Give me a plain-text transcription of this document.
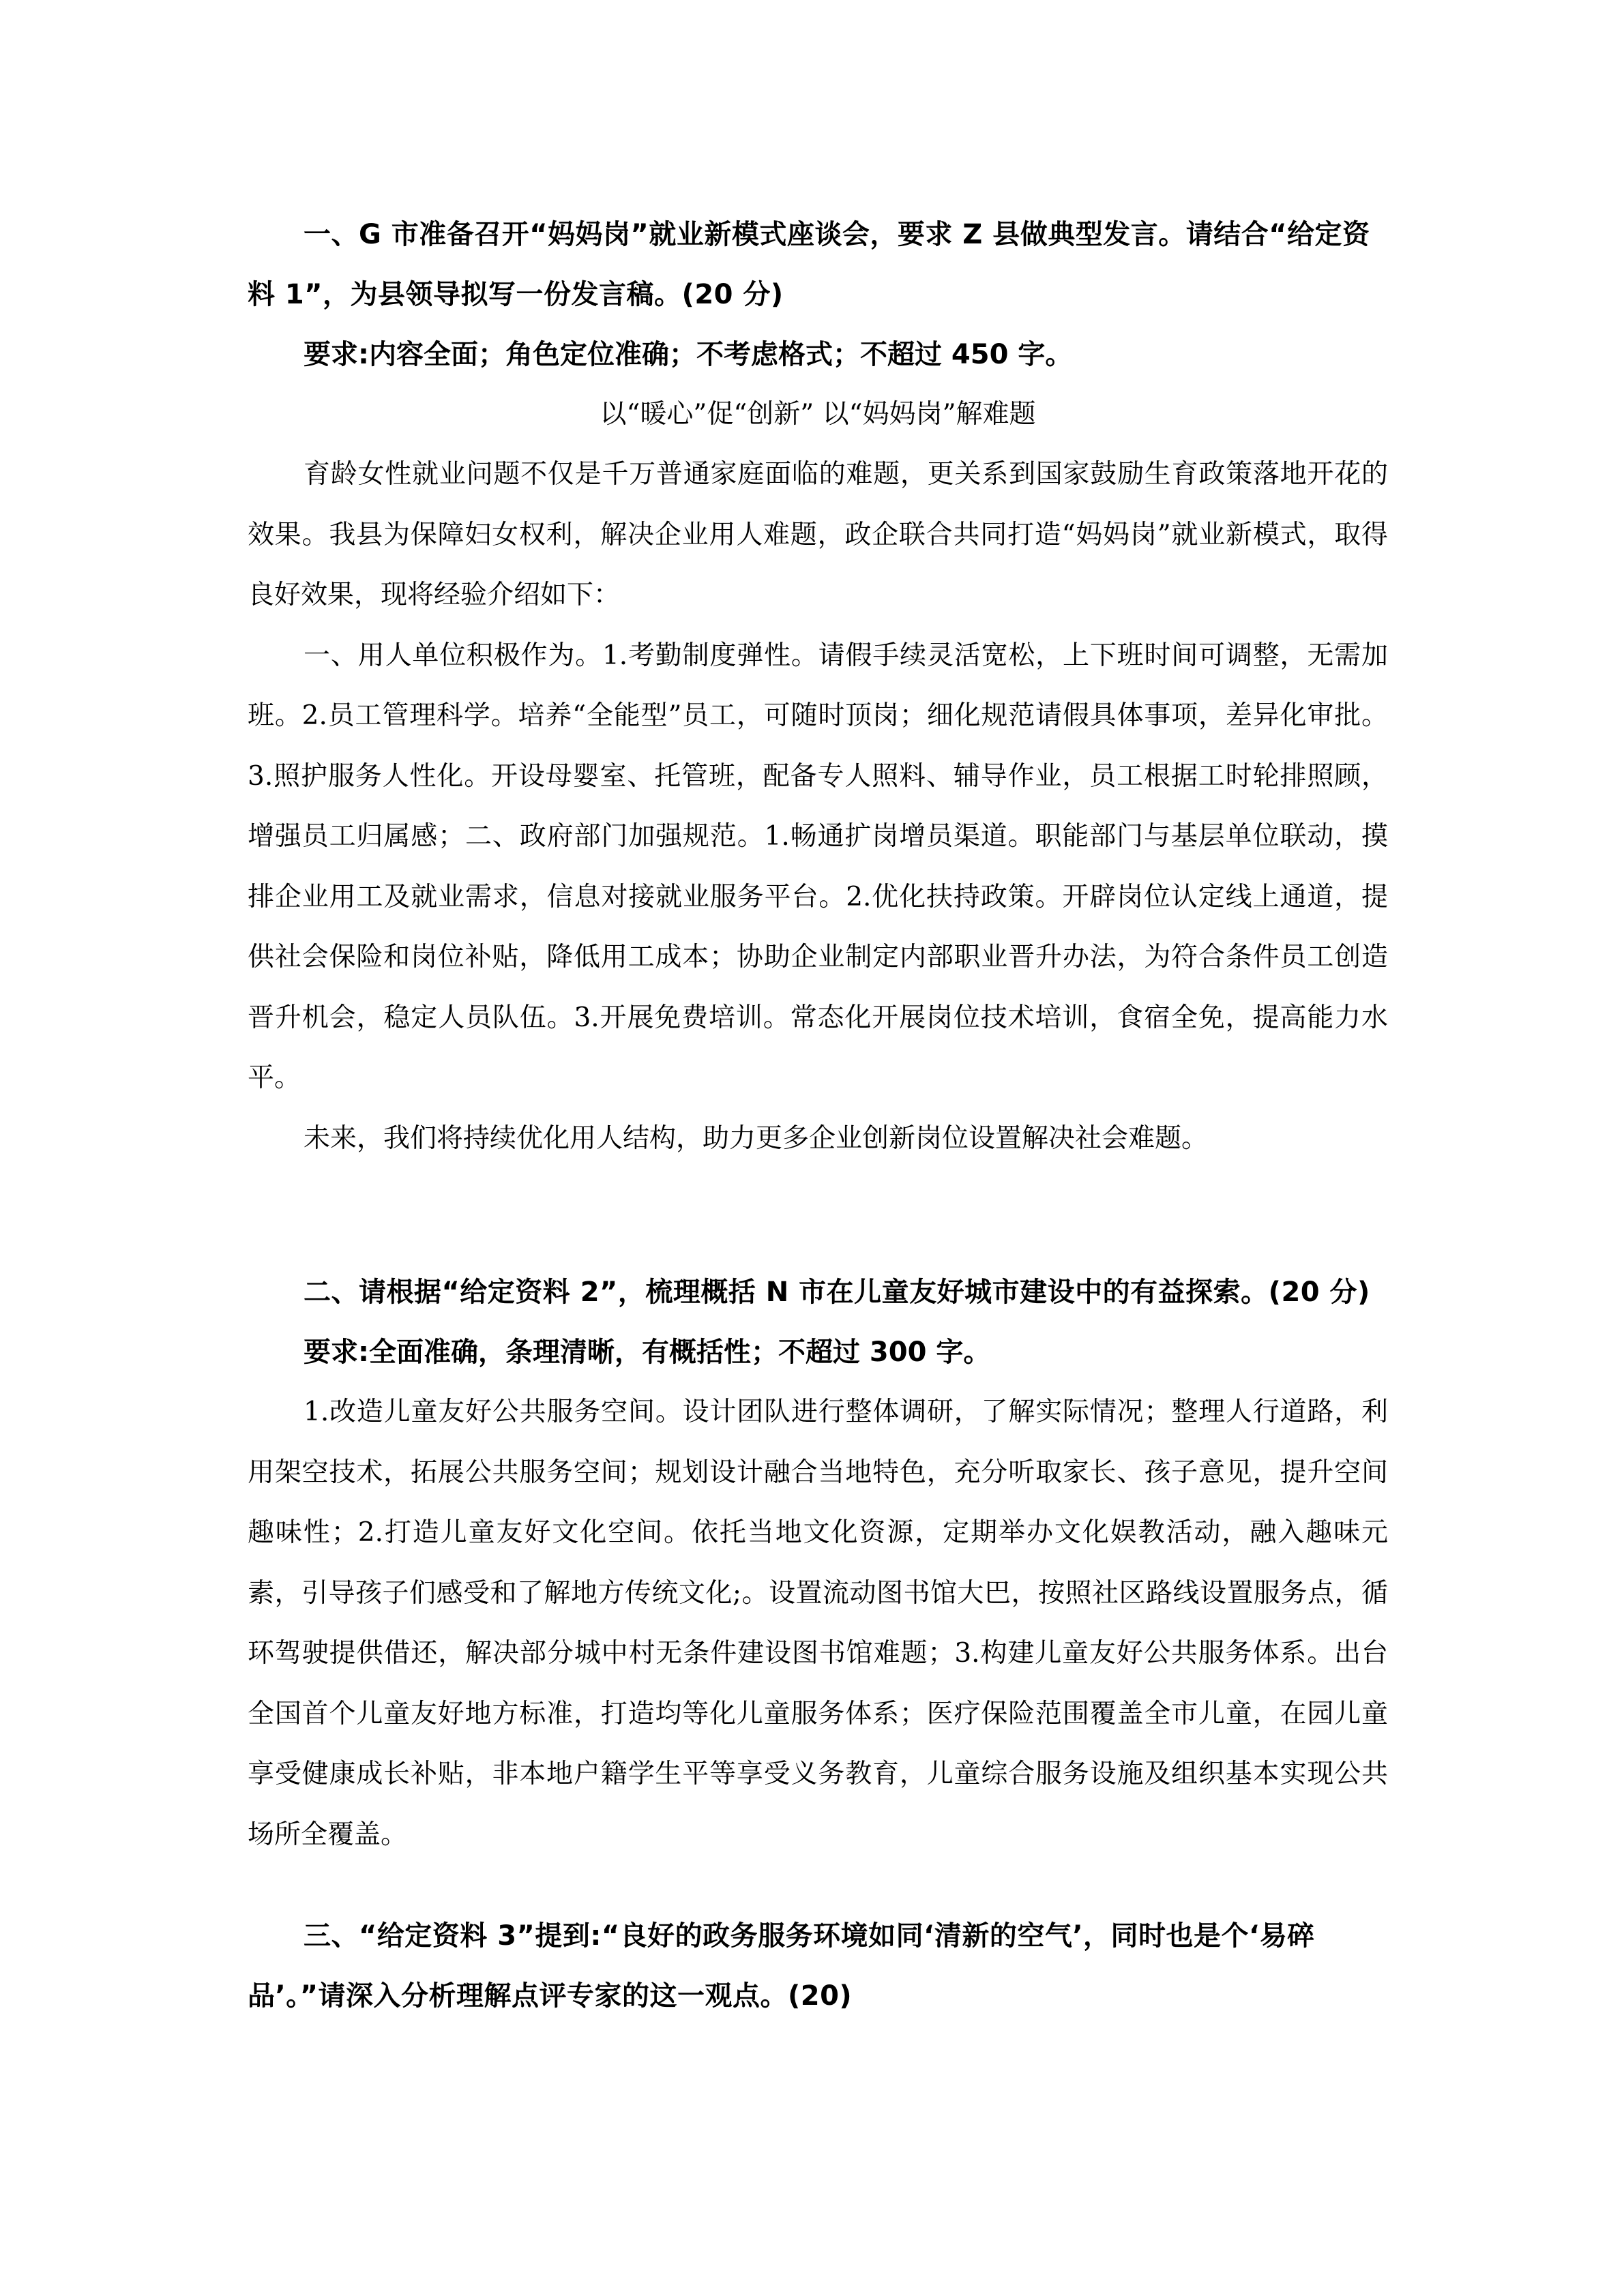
一、G 市准备召开“妈妈岗”就业新模式座谈会，要求 Z 县做典型发言。请结合“给定资料 1”，为县领导拟写一份发言稿。(20 分)

要求:内容全面；角色定位准确；不考虑格式；不超过 450 字。

以“暖心”促“创新” 以“妈妈岗”解难题

育龄女性就业问题不仅是千万普通家庭面临的难题，更关系到国家鼓励生育政策落地开花的效果。我县为保障妇女权利，解决企业用人难题，政企联合共同打造“妈妈岗”就业新模式，取得良好效果，现将经验介绍如下：

一、用人单位积极作为。1.考勤制度弹性。请假手续灵活宽松，上下班时间可调整，无需加班。2.员工管理科学。培养“全能型”员工，可随时顶岗；细化规范请假具体事项，差异化审批。3.照护服务人性化。开设母婴室、托管班，配备专人照料、辅导作业，员工根据工时轮排照顾，增强员工归属感；二、政府部门加强规范。1.畅通扩岗增员渠道。职能部门与基层单位联动，摸排企业用工及就业需求，信息对接就业服务平台。2.优化扶持政策。开辟岗位认定线上通道，提供社会保险和岗位补贴，降低用工成本；协助企业制定内部职业晋升办法，为符合条件员工创造晋升机会，稳定人员队伍。3.开展免费培训。常态化开展岗位技术培训，食宿全免，提高能力水平。

未来，我们将持续优化用人结构，助力更多企业创新岗位设置解决社会难题。

二、请根据“给定资料 2”，梳理概括 N 市在儿童友好城市建设中的有益探索。(20 分)

要求:全面准确，条理清晰，有概括性；不超过 300 字。

1.改造儿童友好公共服务空间。设计团队进行整体调研，了解实际情况；整理人行道路，利用架空技术，拓展公共服务空间；规划设计融合当地特色，充分听取家长、孩子意见，提升空间趣味性；2.打造儿童友好文化空间。依托当地文化资源，定期举办文化娱教活动，融入趣味元素，引导孩子们感受和了解地方传统文化;。设置流动图书馆大巴，按照社区路线设置服务点，循环驾驶提供借还，解决部分城中村无条件建设图书馆难题；3.构建儿童友好公共服务体系。出台全国首个儿童友好地方标准，打造均等化儿童服务体系；医疗保险范围覆盖全市儿童，在园儿童享受健康成长补贴，非本地户籍学生平等享受义务教育，儿童综合服务设施及组织基本实现公共场所全覆盖。

三、“给定资料 3”提到:“良好的政务服务环境如同‘清新的空气’，同时也是个‘易碎品’。”请深入分析理解点评专家的这一观点。(20)
